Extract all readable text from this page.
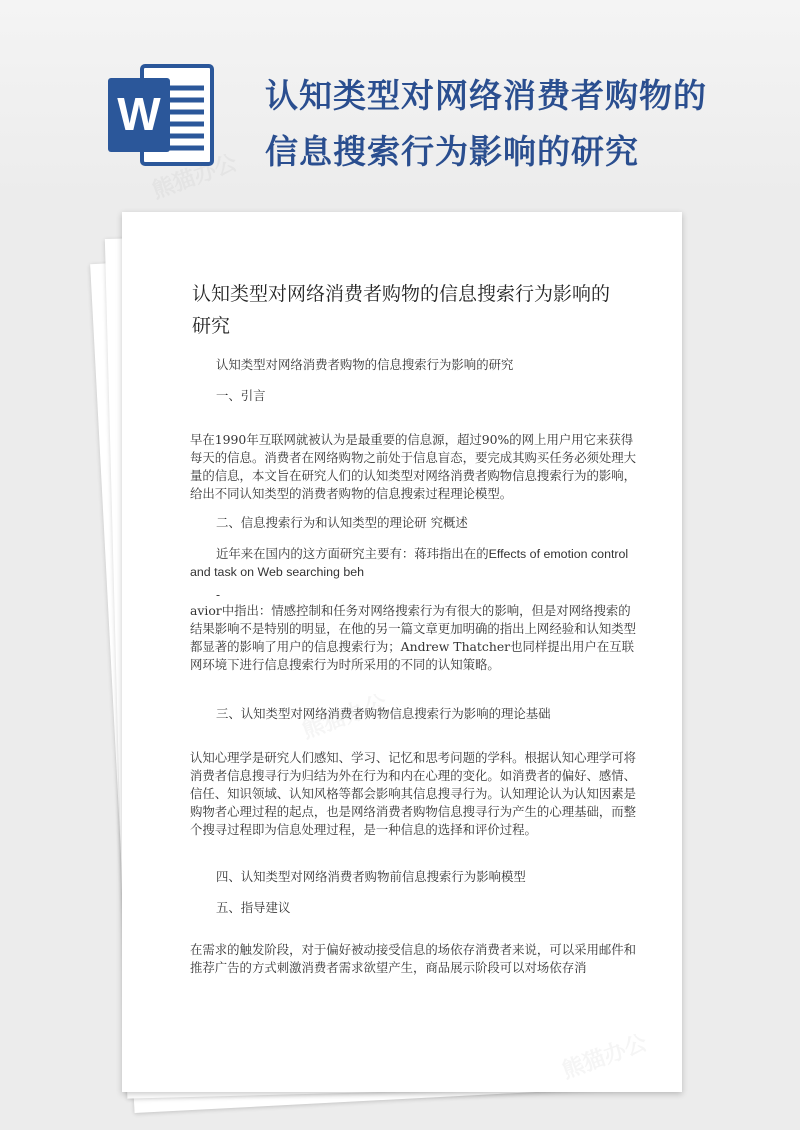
W	认知类型对网络消费者购物的
信息搜索行为影响的研究
认知类型对网络消费者购物的信息搜索行为影响的
研究
认知类型对网络消费者购物的信息搜索行为影响的研究
一、引言
早在1990年互联网就被认为是最重要的信息源，超过90%的网上用户用它来获得每天的信息。消费者在网络购物之前处于信息盲态，要完成其购买任务必须处理大量的信息，本文旨在研究人们的认知类型对网络消费者购物信息搜索行为的影响，给出不同认知类型的消费者购物的信息搜索过程理论模型。
二、信息搜索行为和认知类型的理论研 究概述
近年来在国内的这方面研究主要有：蒋玮指出在的Effects of emotion control and task on Web searching beh
-
avior中指出：情感控制和任务对网络搜索行为有很大的影响，但是对网络搜索的结果影响不是特别的明显，在他的另一篇文章更加明确的指出上网经验和认知类型都显著的影响了用户的信息搜索行为；Andrew Thatcher也同样提出用户在互联网环境下进行信息搜索行为时所采用的不同的认知策略。
三、认知类型对网络消费者购物信息搜索行为影响的理论基础
认知心理学是研究人们感知、学习、记忆和思考问题的学科。根据认知心理学可将消费者信息搜寻行为归结为外在行为和内在心理的变化。如消费者的偏好、感情、信任、知识领域、认知风格等都会影响其信息搜寻行为。认知理论认为认知因素是购物者心理过程的起点，也是网络消费者购物信息搜寻行为产生的心理基础，而整个搜寻过程即为信息处理过程，是一种信息的选择和评价过程。
四、认知类型对网络消费者购物前信息搜索行为影响模型
五、指导建议
在需求的触发阶段，对于偏好被动接受信息的场依存消费者来说，可以采用邮件和推荐广告的方式刺激消费者需求欲望产生，商品展示阶段可以对场依存消
